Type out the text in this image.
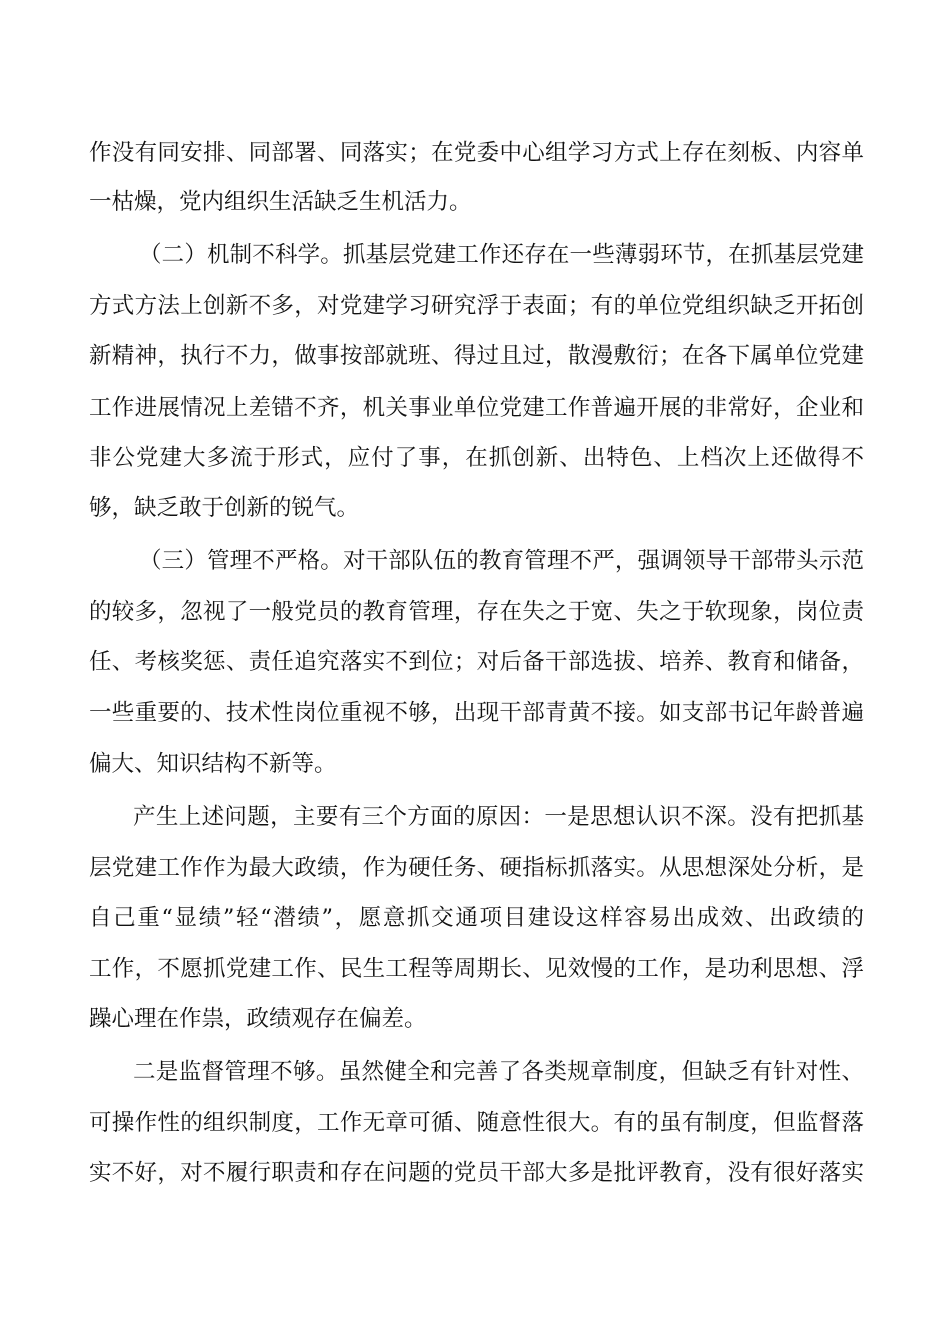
作没有同安排、同部署、同落实；在党委中心组学习方式上存在刻板、内容单
一枯燥，党内组织生活缺乏生机活力。
（二）机制不科学。抓基层党建工作还存在一些薄弱环节，在抓基层党建
方式方法上创新不多，对党建学习研究浮于表面；有的单位党组织缺乏开拓创
新精神，执行不力，做事按部就班、得过且过，散漫敷衍；在各下属单位党建
工作进展情况上差错不齐，机关事业单位党建工作普遍开展的非常好，企业和
非公党建大多流于形式，应付了事，在抓创新、出特色、上档次上还做得不
够，缺乏敢于创新的锐气。
（三）管理不严格。对干部队伍的教育管理不严，强调领导干部带头示范
的较多，忽视了一般党员的教育管理，存在失之于宽、失之于软现象，岗位责
任、考核奖惩、责任追究落实不到位；对后备干部选拔、培养、教育和储备，
一些重要的、技术性岗位重视不够，出现干部青黄不接。如支部书记年龄普遍
偏大、知识结构不新等。
产生上述问题，主要有三个方面的原因：一是思想认识不深。没有把抓基
层党建工作作为最大政绩，作为硬任务、硬指标抓落实。从思想深处分析，是
自己重“显绩”轻“潜绩”，愿意抓交通项目建设这样容易出成效、出政绩的
工作，不愿抓党建工作、民生工程等周期长、见效慢的工作，是功利思想、浮
躁心理在作祟，政绩观存在偏差。
二是监督管理不够。虽然健全和完善了各类规章制度，但缺乏有针对性、
可操作性的组织制度，工作无章可循、随意性很大。有的虽有制度，但监督落
实不好，对不履行职责和存在问题的党员干部大多是批评教育，没有很好落实
